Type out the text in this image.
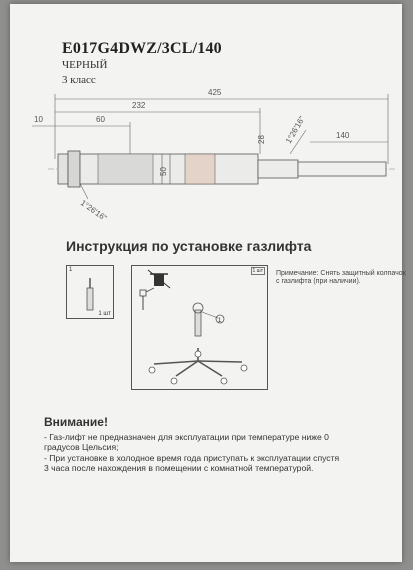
E017G4DWZ/3CL/140
ЧЕРНЫЙ
3 класс
425
232
60
10
28 1°26'16"	140
50
1°26'16"
Инструкция по установке газлифта
1
1 шт
1 шт
1
Примечание: Снять защитный колпачок с газлифта (при наличии).
Внимание!
- Газ-лифт не предназначен для эксплуатации при температуре ниже 0
градусов Цельсия;
- При установке в холодное время года приступать к эксплуатации спустя
3 часа после нахождения в помещении с комнатной температурой.
